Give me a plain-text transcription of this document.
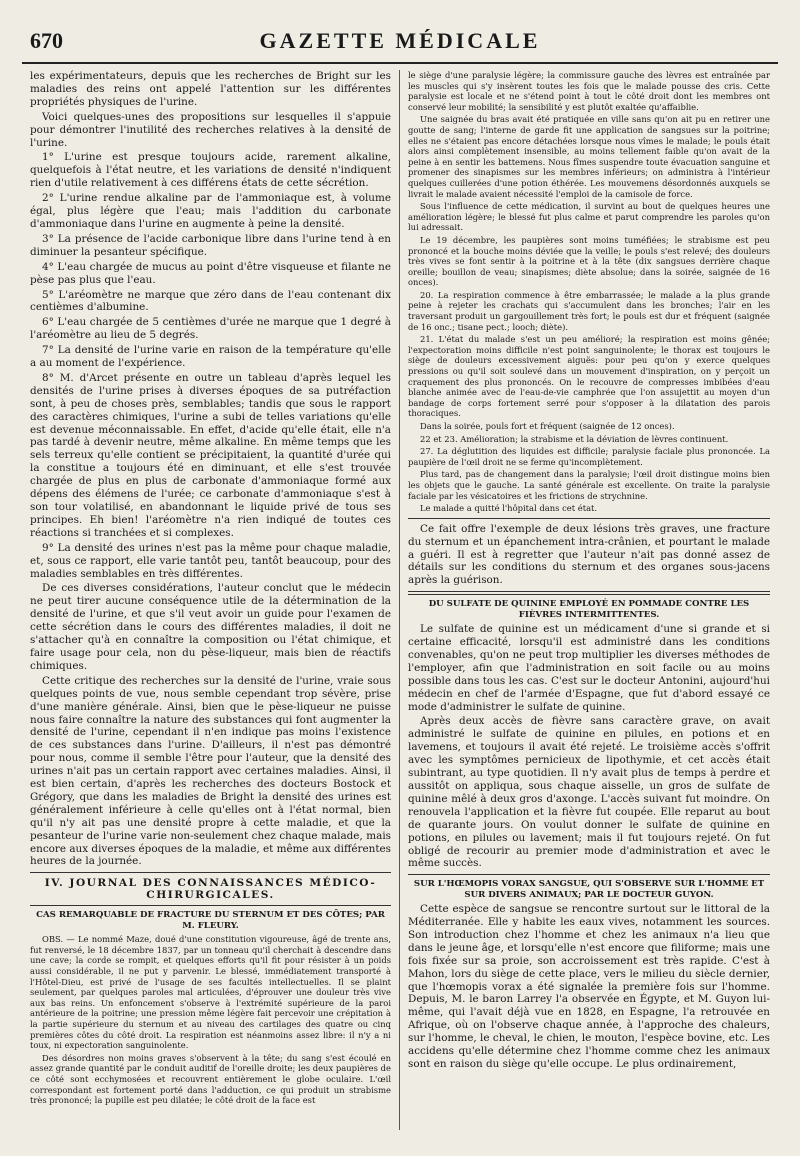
670	GAZETTE MÉDICALE

les expérimentateurs, depuis que les recherches de Bright sur les maladies des reins ont appelé l'attention sur les différentes propriétés physiques de l'urine.

Voici quelques-unes des propositions sur lesquelles il s'appuie pour démontrer l'inutilité des recherches relatives à la densité de l'urine.

1° L'urine est presque toujours acide, rarement alkaline, quelquefois à l'état neutre, et les variations de densité n'indiquent rien d'utile relativement à ces différens états de cette sécrétion.

2° L'urine rendue alkaline par de l'ammoniaque est, à volume égal, plus légère que l'eau; mais l'addition du carbonate d'ammoniaque dans l'urine en augmente à peine la densité.

3° La présence de l'acide carbonique libre dans l'urine tend à en diminuer la pesanteur spécifique.

4° L'eau chargée de mucus au point d'être visqueuse et filante ne pèse pas plus que l'eau.

5° L'aréomètre ne marque que zéro dans de l'eau contenant dix centièmes d'albumine.

6° L'eau chargée de 5 centièmes d'urée ne marque que 1 degré à l'aréomètre au lieu de 5 degrés.

7° La densité de l'urine varie en raison de la température qu'elle a au moment de l'expérience.

8° M. d'Arcet présente en outre un tableau d'après lequel les densités de l'urine prises à diverses époques de sa putréfaction sont, à peu de choses près, semblables; tandis que sous le rapport des caractères chimiques, l'urine a subi de telles variations qu'elle est devenue méconnaissable. En effet, d'acide qu'elle était, elle n'a pas tardé à devenir neutre, même alkaline. En même temps que les sels terreux qu'elle contient se précipitaient, la quantité d'urée qui la constitue a toujours été en diminuant, et elle s'est trouvée chargée de plus en plus de carbonate d'ammoniaque formé aux dépens des élémens de l'urée; ce carbonate d'ammoniaque s'est à son tour volatilisé, en abandonnant le liquide privé de tous ses principes. Eh bien! l'aréomètre n'a rien indiqué de toutes ces réactions si tranchées et si complexes.

9° La densité des urines n'est pas la même pour chaque maladie, et, sous ce rapport, elle varie tantôt peu, tantôt beaucoup, pour des maladies semblables en très différentes.

De ces diverses considérations, l'auteur conclut que le médecin ne peut tirer aucune conséquence utile de la détermination de la densité de l'urine, et que s'il veut avoir un guide pour l'examen de cette sécrétion dans le cours des différentes maladies, il doit ne s'attacher qu'à en connaître la composition ou l'état chimique, et faire usage pour cela, non du pèse-liqueur, mais bien de réactifs chimiques.

Cette critique des recherches sur la densité de l'urine, vraie sous quelques points de vue, nous semble cependant trop sévère, prise d'une manière générale. Ainsi, bien que le pèse-liqueur ne puisse nous faire connaître la nature des substances qui font augmenter la densité de l'urine, cependant il n'en indique pas moins l'existence de ces substances dans l'urine. D'ailleurs, il n'est pas démontré pour nous, comme il semble l'être pour l'auteur, que la densité des urines n'ait pas un certain rapport avec certaines maladies. Ainsi, il est bien certain, d'après les recherches des docteurs Bostock et Grégory, que dans les maladies de Bright la densité des urines est généralement inférieure à celle qu'elles ont à l'état normal, bien qu'il n'y ait pas une densité propre à cette maladie, et que la pesanteur de l'urine varie non-seulement chez chaque malade, mais encore aux diverses époques de la maladie, et même aux différentes heures de la journée.

IV. JOURNAL DES CONNAISSANCES MÉDICO-CHIRURGICALES.
CAS REMARQUABLE DE FRACTURE DU STERNUM ET DES CÔTES; PAR M. FLEURY.

OBS. — Le nommé Maze, doué d'une constitution vigoureuse, âgé de trente ans, fut renversé, le 18 décembre 1837, par un tonneau qu'il cherchait à descendre dans une cave; la corde se rompit, et quelques efforts qu'il fit pour résister à un poids aussi considérable, il ne put y parvenir. Le blessé, immédiatement transporté à l'Hôtel-Dieu, est privé de l'usage de ses facultés intellectuelles. Il se plaint seulement, par quelques paroles mal articulées, d'éprouver une douleur très vive aux bas reins. Un enfoncement s'observe à l'extrémité supérieure de la paroi antérieure de la poitrine; une pression même légère fait percevoir une crépitation à la partie supérieure du sternum et au niveau des cartilages des quatre ou cinq premières côtes du côté droit. La respiration est néanmoins assez libre: il n'y a ni toux, ni expectoration sanguinolente.

Des désordres non moins graves s'observent à la tête; du sang s'est écoulé en assez grande quantité par le conduit auditif de l'oreille droite; les deux paupières de ce côté sont ecchymosées et recouvrent entièrement le globe oculaire. L'œil correspondant est fortement porté dans l'adduction, ce qui produit un strabisme très prononcé; la pupille est peu dilatée; le côté droit de la face est

le siège d'une paralysie légère; la commissure gauche des lèvres est entraînée par les muscles qui s'y insèrent toutes les fois que le malade pousse des cris. Cette paralysie est locale et ne s'étend point à tout le côté droit dont les membres ont conservé leur mobilité; la sensibilité y est plutôt exaltée qu'affaiblie.

Une saignée du bras avait été pratiquée en ville sans qu'on ait pu en retirer une goutte de sang; l'interne de garde fit une application de sangsues sur la poitrine; elles ne s'étaient pas encore détachées lorsque nous vîmes le malade; le pouls était alors ainsi complètement insensible, au moins tellement faible qu'on avait de la peine à en sentir les battemens. Nous fîmes suspendre toute évacuation sanguine et promener des sinapismes sur les membres inférieurs; on administra à l'intérieur quelques cuillerées d'une potion éthérée. Les mouvemens désordonnés auxquels se livrait le malade avaient nécessité l'emploi de la camisole de force.

Sous l'influence de cette médication, il survint au bout de quelques heures une amélioration légère; le blessé fut plus calme et parut comprendre les paroles qu'on lui adressait.

Le 19 décembre, les paupières sont moins tuméfiées; le strabisme est peu prononcé et la bouche moins déviée que la veille; le pouls s'est relevé; des douleurs très vives se font sentir à la poitrine et à la tête (dix sangsues derrière chaque oreille; bouillon de veau; sinapismes; diète absolue; dans la soirée, saignée de 16 onces).

20. La respiration commence à être embarrassée; le malade a la plus grande peine à rejeter les crachats qui s'accumulent dans les bronches; l'air en les traversant produit un gargouillement très fort; le pouls est dur et fréquent (saignée de 16 onc.; tisane pect.; looch; diète).

21. L'état du malade s'est un peu amélioré; la respiration est moins gênée; l'expectoration moins difficile n'est point sanguinolente; le thorax est toujours le siège de douleurs excessivement aiguës: pour peu qu'on y exerce quelques pressions ou qu'il soit soulevé dans un mouvement d'inspiration, on y perçoit un craquement des plus prononcés. On le recouvre de compresses imbibées d'eau blanche animée avec de l'eau-de-vie camphrée que l'on assujettit au moyen d'un bandage de corps fortement serré pour s'opposer à la dilatation des parois thoraciques.

Dans la soirée, pouls fort et fréquent (saignée de 12 onces).

22 et 23. Amélioration; la strabisme et la déviation de lèvres continuent.

27. La déglutition des liquides est difficile; paralysie faciale plus prononcée. La paupière de l'œil droit ne se ferme qu'incomplètement.

Plus tard, pas de changement dans la paralysie; l'œil droit distingue moins bien les objets que le gauche. La santé générale est excellente. On traite la paralysie faciale par les vésicatoires et les frictions de strychnine.

Le malade a quitté l'hôpital dans cet état.

Ce fait offre l'exemple de deux lésions très graves, une fracture du sternum et un épanchement intra-crânien, et pourtant le malade a guéri. Il est à regretter que l'auteur n'ait pas donné assez de détails sur les conditions du sternum et des organes sous-jacens après la guérison.

DU SULFATE DE QUININE EMPLOYÉ EN POMMADE CONTRE LES FIÈVRES INTERMITTENTES.

Le sulfate de quinine est un médicament d'une si grande et si certaine efficacité, lorsqu'il est administré dans les conditions convenables, qu'on ne peut trop multiplier les diverses méthodes de l'employer, afin que l'administration en soit facile ou au moins possible dans tous les cas. C'est sur le docteur Antonini, aujourd'hui médecin en chef de l'armée d'Espagne, que fut d'abord essayé ce mode d'administrer le sulfate de quinine.

Après deux accès de fièvre sans caractère grave, on avait administré le sulfate de quinine en pilules, en potions et en lavemens, et toujours il avait été rejeté. Le troisième accès s'offrit avec les symptômes pernicieux de lipothymie, et cet accès était subintrant, au type quotidien. Il n'y avait plus de temps à perdre et aussitôt on appliqua, sous chaque aisselle, un gros de sulfate de quinine mêlé à deux gros d'axonge. L'accès suivant fut moindre. On renouvela l'application et la fièvre fut coupée. Elle reparut au bout de quarante jours. On voulut donner le sulfate de quinine en potions, en pilules ou lavement; mais il fut toujours rejeté. On fut obligé de recourir au premier mode d'administration et avec le même succès.

SUR L'HŒMOPIS VORAX SANGSUE, QUI S'OBSERVE SUR L'HOMME ET SUR DIVERS ANIMAUX; PAR LE DOCTEUR GUYON.

Cette espèce de sangsue se rencontre surtout sur le littoral de la Méditerranée. Elle y habite les eaux vives, notamment les sources. Son introduction chez l'homme et chez les animaux n'a lieu que dans le jeune âge, et lorsqu'elle n'est encore que filiforme; mais une fois fixée sur sa proie, son accroissement est très rapide. C'est à Mahon, lors du siège de cette place, vers le milieu du siècle dernier, que l'hœmopis vorax a été signalée la première fois sur l'homme. Depuis, M. le baron Larrey l'a observée en Égypte, et M. Guyon lui-même, qui l'avait déjà vue en 1828, en Espagne, l'a retrouvée en Afrique, où on l'observe chaque année, à l'approche des chaleurs, sur l'homme, le cheval, le chien, le mouton, l'espèce bovine, etc. Les accidens qu'elle détermine chez l'homme comme chez les animaux sont en raison du siège qu'elle occupe. Le plus ordinairement,
